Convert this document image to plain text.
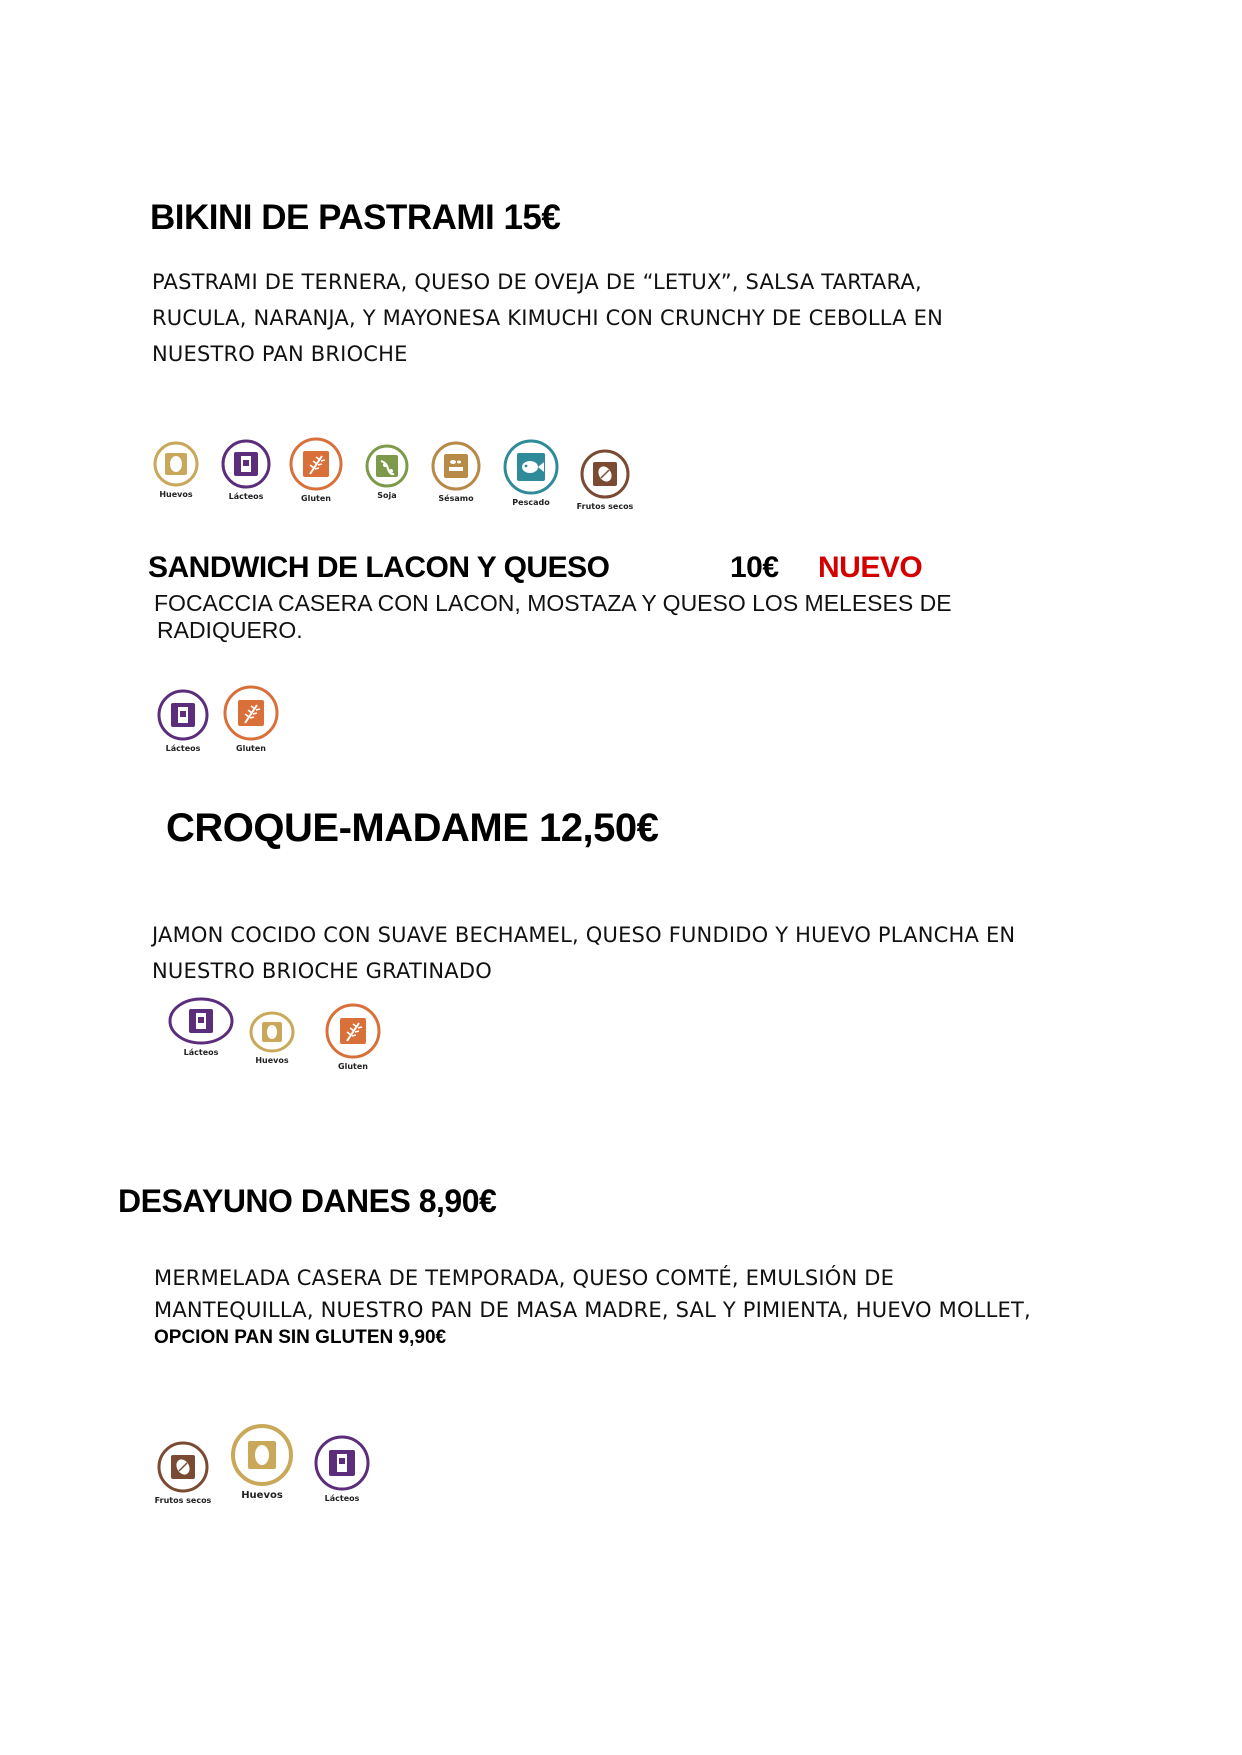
BIKINI DE PASTRAMI 15€
PASTRAMI DE TERNERA, QUESO DE OVEJA DE “LETUX”, SALSA TARTARA,
RUCULA, NARANJA, Y MAYONESA KIMUCHI CON CRUNCHY DE CEBOLLA EN
NUESTRO PAN BRIOCHE
Huevos	Lácteos	Gluten	Soja	Sésamo	Pescado	Frutos secos
SANDWICH DE LACON Y QUESO	10€ NUEVO
FOCACCIA CASERA CON LACON, MOSTAZA Y QUESO LOS MELESES DE
RADIQUERO.
Lácteos	Gluten
CROQUE-MADAME 12,50€
JAMON COCIDO CON SUAVE BECHAMEL, QUESO FUNDIDO Y HUEVO PLANCHA EN
NUESTRO BRIOCHE GRATINADO
Lácteos
Huevos
Gluten
DESAYUNO DANES 8,90€
MERMELADA CASERA DE TEMPORADA, QUESO COMTÉ, EMULSIÓN DE
MANTEQUILLA, NUESTRO PAN DE MASA MADRE, SAL Y PIMIENTA, HUEVO MOLLET,
OPCION PAN SIN GLUTEN 9,90€
Frutos secos	Huevos	Lácteos
